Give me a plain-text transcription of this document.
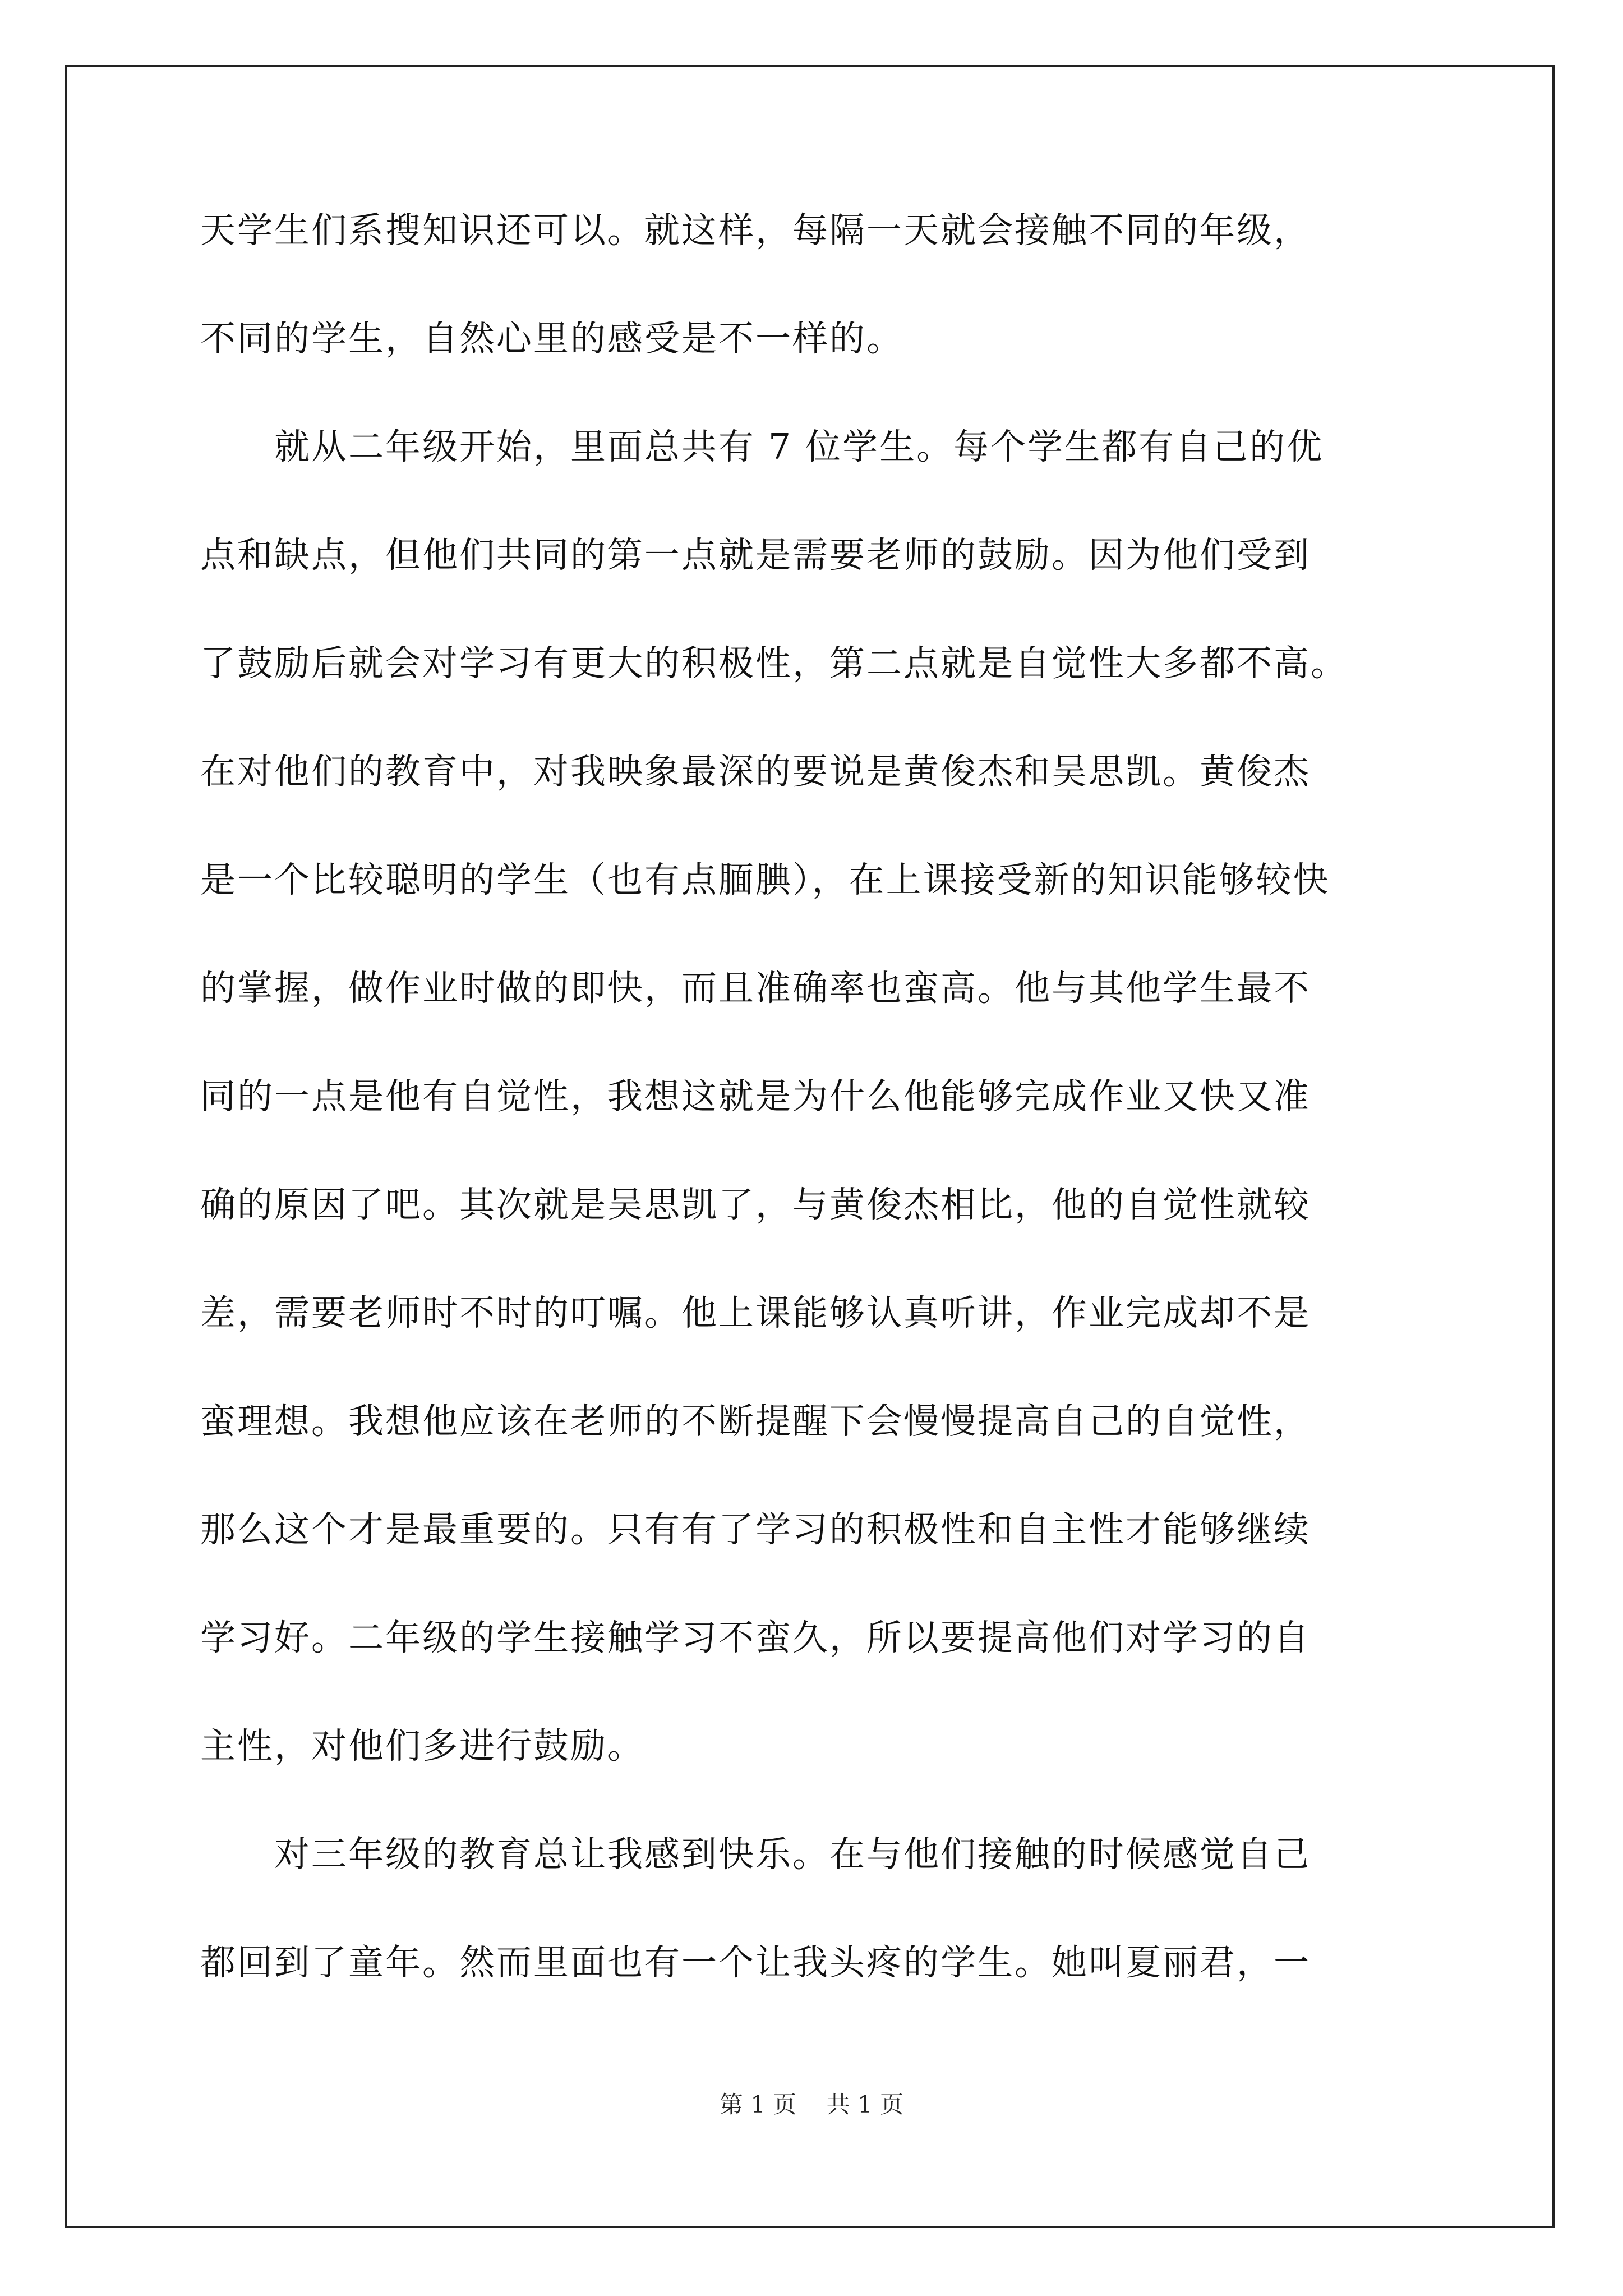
天学生们系搜知识还可以。就这样，每隔一天就会接触不同的年级，
不同的学生，自然心里的感受是不一样的。
　　就从二年级开始，里面总共有 7 位学生。每个学生都有自己的优
点和缺点，但他们共同的第一点就是需要老师的鼓励。因为他们受到
了鼓励后就会对学习有更大的积极性，第二点就是自觉性大多都不高。
在对他们的教育中，对我映象最深的要说是黄俊杰和吴思凯。黄俊杰
是一个比较聪明的学生（也有点腼腆），在上课接受新的知识能够较快
的掌握，做作业时做的即快，而且准确率也蛮高。他与其他学生最不
同的一点是他有自觉性，我想这就是为什么他能够完成作业又快又准
确的原因了吧。其次就是吴思凯了，与黄俊杰相比，他的自觉性就较
差，需要老师时不时的叮嘱。他上课能够认真听讲，作业完成却不是
蛮理想。我想他应该在老师的不断提醒下会慢慢提高自己的自觉性，
那么这个才是最重要的。只有有了学习的积极性和自主性才能够继续
学习好。二年级的学生接触学习不蛮久，所以要提高他们对学习的自
主性，对他们多进行鼓励。
　　对三年级的教育总让我感到快乐。在与他们接触的时候感觉自己
都回到了童年。然而里面也有一个让我头疼的学生。她叫夏丽君，一
第 1 页    共 1 页
